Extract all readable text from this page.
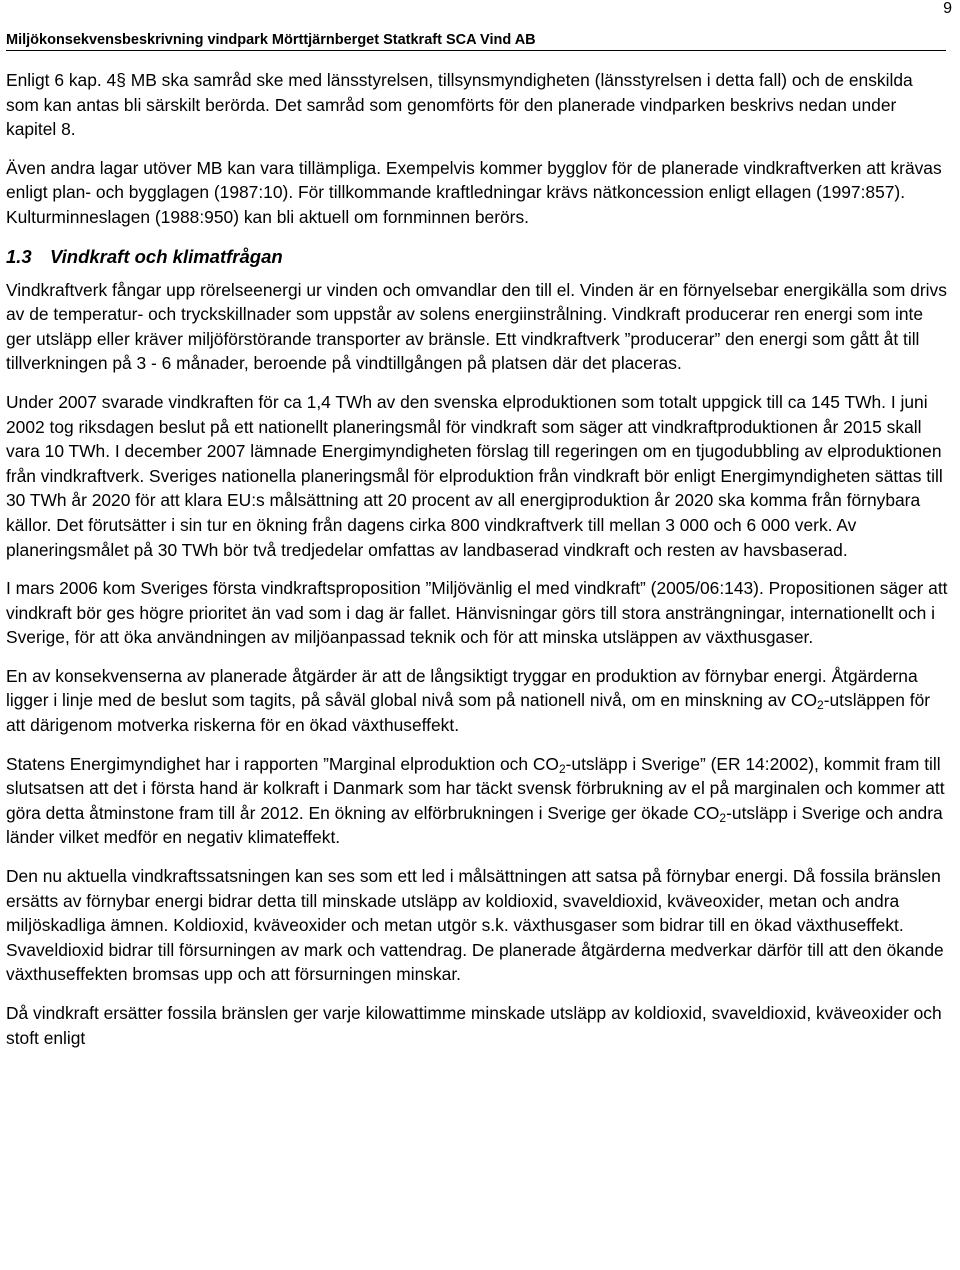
Miljökonsekvensbeskrivning vindpark Mörttjärnberget Statkraft SCA Vind AB
9

Enligt 6 kap. 4§ MB ska samråd ske med länsstyrelsen, tillsynsmyndigheten (länsstyrelsen i detta fall) och de enskilda som kan antas bli särskilt berörda. Det samråd som genomförts för den planerade vindparken beskrivs nedan under kapitel 8.

Även andra lagar utöver MB kan vara tillämpliga. Exempelvis kommer bygglov för de planerade vindkraftverken att krävas enligt plan- och bygglagen (1987:10). För tillkommande kraftledningar krävs nätkoncession enligt ellagen (1997:857). Kulturminneslagen (1988:950) kan bli aktuell om fornminnen berörs.

1.3 Vindkraft och klimatfrågan

Vindkraftverk fångar upp rörelseenergi ur vinden och omvandlar den till el. Vinden är en förnyelsebar energikälla som drivs av de temperatur- och tryckskillnader som uppstår av solens energiinstrålning. Vindkraft producerar ren energi som inte ger utsläpp eller kräver miljöförstörande transporter av bränsle. Ett vindkraftverk ”producerar” den energi som gått åt till tillverkningen på 3 - 6 månader, beroende på vindtillgången på platsen där det placeras.

Under 2007 svarade vindkraften för ca 1,4 TWh av den svenska elproduktionen som totalt uppgick till ca 145 TWh. I juni 2002 tog riksdagen beslut på ett nationellt planeringsmål för vindkraft som säger att vindkraftproduktionen år 2015 skall vara 10 TWh. I december 2007 lämnade Energimyndigheten förslag till regeringen om en tjugodubbling av elproduktionen från vindkraftverk. Sveriges nationella planeringsmål för elproduktion från vindkraft bör enligt Energimyndigheten sättas till 30 TWh år 2020 för att klara EU:s målsättning att 20 procent av all energiproduktion år 2020 ska komma från förnybara källor. Det förutsätter i sin tur en ökning från dagens cirka 800 vindkraftverk till mellan 3 000 och 6 000 verk. Av planeringsmålet på 30 TWh bör två tredjedelar omfattas av landbaserad vindkraft och resten av havsbaserad.

I mars 2006 kom Sveriges första vindkraftsproposition ”Miljövänlig el med vindkraft” (2005/06:143). Propositionen säger att vindkraft bör ges högre prioritet än vad som i dag är fallet. Hänvisningar görs till stora ansträngningar, internationellt och i Sverige, för att öka användningen av miljöanpassad teknik och för att minska utsläppen av växthusgaser.

En av konsekvenserna av planerade åtgärder är att de långsiktigt tryggar en produktion av förnybar energi. Åtgärderna ligger i linje med de beslut som tagits, på såväl global nivå som på nationell nivå, om en minskning av $CO_2$-utsläppen för att därigenom motverka riskerna för en ökad växthuseffekt.

Statens Energimyndighet har i rapporten ”Marginal elproduktion och $CO_2$-utsläpp i Sverige” (ER 14:2002), kommit fram till slutsatsen att det i första hand är kolkraft i Danmark som har täckt svensk förbrukning av el på marginalen och kommer att göra detta åtminstone fram till år 2012. En ökning av elförbrukningen i Sverige ger ökade $CO_2$-utsläpp i Sverige och andra länder vilket medför en negativ klimateffekt.

Den nu aktuella vindkraftssatsningen kan ses som ett led i målsättningen att satsa på förnybar energi. Då fossila bränslen ersätts av förnybar energi bidrar detta till minskade utsläpp av koldioxid, svaveldioxid, kväveoxider, metan och andra miljöskadliga ämnen. Koldioxid, kväveoxider och metan utgör s.k. växthusgaser som bidrar till en ökad växthuseffekt. Svaveldioxid bidrar till försurningen av mark och vattendrag. De planerade åtgärderna medverkar därför till att den ökande växthuseffekten bromsas upp och att försurningen minskar.

Då vindkraft ersätter fossila bränslen ger varje kilowattimme minskade utsläpp av koldioxid, svaveldioxid, kväveoxider och stoft enligt
